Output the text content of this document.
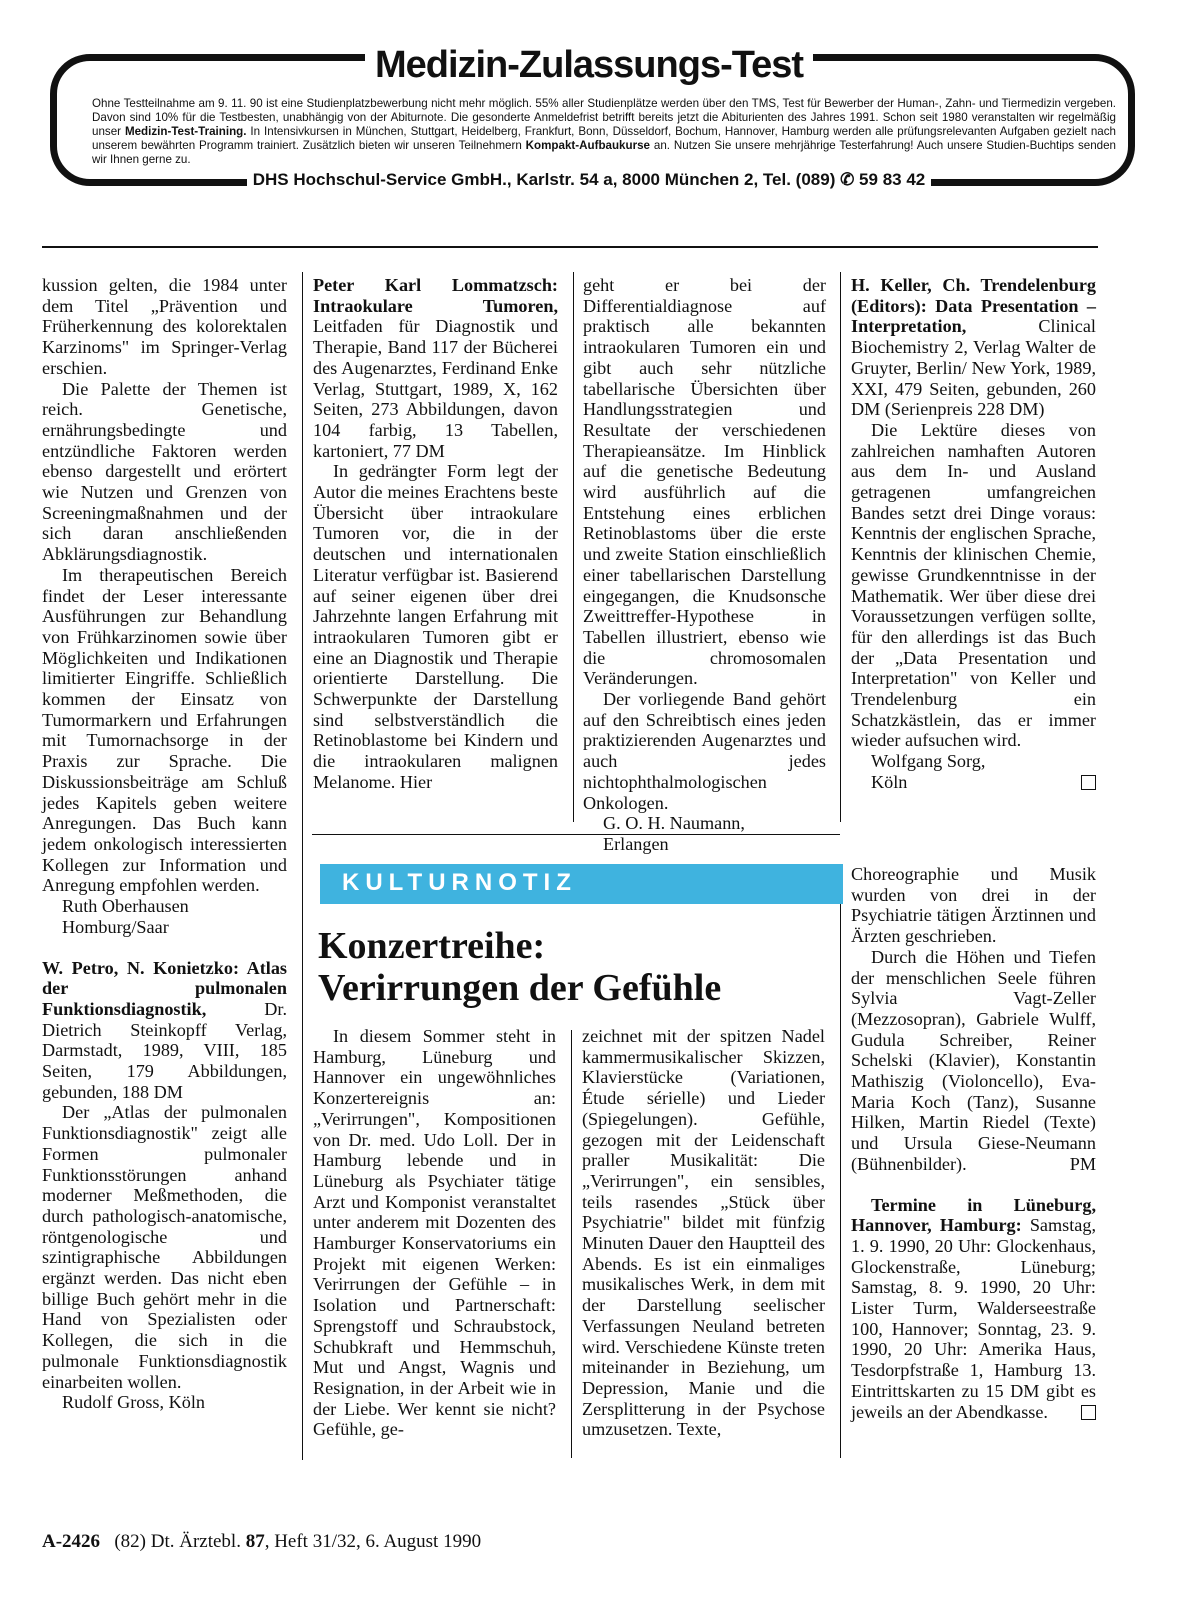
Medizin-Zulassungs-Test
Ohne Testteilnahme am 9. 11. 90 ist eine Studienplatzbewerbung nicht mehr möglich. 55% aller Studienplätze werden über den TMS, Test für Bewerber der Human-, Zahn- und Tiermedizin vergeben. Davon sind 10% für die Testbesten, unabhängig von der Abiturnote. Die gesonderte Anmeldefrist betrifft bereits jetzt die Abiturienten des Jahres 1991. Schon seit 1980 veranstalten wir regelmäßig unser Medizin-Test-Training. In Intensivkursen in München, Stuttgart, Heidelberg, Frankfurt, Bonn, Düsseldorf, Bochum, Hannover, Hamburg werden alle prüfungsrelevanten Aufgaben gezielt nach unserem bewährten Programm trainiert. Zusätzlich bieten wir unseren Teilnehmern Kompakt-Aufbaukurse an. Nutzen Sie unsere mehrjährige Testerfahrung! Auch unsere Studien-Buchtips senden wir Ihnen gerne zu.
DHS Hochschul-Service GmbH., Karlstr. 54 a, 8000 München 2, Tel. (089) ✆ 59 83 42

kussion gelten, die 1984 unter dem Titel „Prävention und Früherkennung des kolorektalen Karzinoms" im Springer-Verlag erschien.

Die Palette der Themen ist reich. Genetische, ernährungsbedingte und entzündliche Faktoren werden ebenso dargestellt und erörtert wie Nutzen und Grenzen von Screeningmaßnahmen und der sich daran anschließenden Abklärungsdiagnostik.

Im therapeutischen Bereich findet der Leser interessante Ausführungen zur Behandlung von Frühkarzinomen sowie über Möglichkeiten und Indikationen limitierter Eingriffe. Schließlich kommen der Einsatz von Tumormarkern und Erfahrungen mit Tumornachsorge in der Praxis zur Sprache. Die Diskussionsbeiträge am Schluß jedes Kapitels geben weitere Anregungen. Das Buch kann jedem onkologisch interessierten Kollegen zur Information und Anregung empfohlen werden.

Ruth Oberhausen

Homburg/Saar

W. Petro, N. Konietzko: Atlas der pulmonalen Funktionsdiagnostik, Dr. Dietrich Steinkopff Verlag, Darmstadt, 1989, VIII, 185 Seiten, 179 Abbildungen, gebunden, 188 DM

Der „Atlas der pulmonalen Funktionsdiagnostik" zeigt alle Formen pulmonaler Funktionsstörungen anhand moderner Meßmethoden, die durch pathologisch-anatomische, röntgenologische und szintigraphische Abbildungen ergänzt werden. Das nicht eben billige Buch gehört mehr in die Hand von Spezialisten oder Kollegen, die sich in die pulmonale Funktionsdiagnostik einarbeiten wollen.

Rudolf Gross, Köln

Peter Karl Lommatzsch: Intraokulare Tumoren, Leitfaden für Diagnostik und Therapie, Band 117 der Bücherei des Augenarztes, Ferdinand Enke Verlag, Stuttgart, 1989, X, 162 Seiten, 273 Abbildungen, davon 104 farbig, 13 Tabellen, kartoniert, 77 DM

In gedrängter Form legt der Autor die meines Erachtens beste Übersicht über intraokulare Tumoren vor, die in der deutschen und internationalen Literatur verfügbar ist. Basierend auf seiner eigenen über drei Jahrzehnte langen Erfahrung mit intraokularen Tumoren gibt er eine an Diagnostik und Therapie orientierte Darstellung. Die Schwerpunkte der Darstellung sind selbstverständlich die Retinoblastome bei Kindern und die intraokularen malignen Melanome. Hier

geht er bei der Differentialdiagnose auf praktisch alle bekannten intraokularen Tumoren ein und gibt auch sehr nützliche tabellarische Übersichten über Handlungsstrategien und Resultate der verschiedenen Therapieansätze. Im Hinblick auf die genetische Bedeutung wird ausführlich auf die Entstehung eines erblichen Retinoblastoms über die erste und zweite Station einschließlich einer tabellarischen Darstellung eingegangen, die Knudsonsche Zweittreffer-Hypothese in Tabellen illustriert, ebenso wie die chromosomalen Veränderungen.

Der vorliegende Band gehört auf den Schreibtisch eines jeden praktizierenden Augenarztes und auch jedes nichtophthalmologischen Onkologen.

G. O. H. Naumann,

Erlangen

H. Keller, Ch. Trendelenburg (Editors): Data Presentation – Interpretation, Clinical Biochemistry 2, Verlag Walter de Gruyter, Berlin/ New York, 1989, XXI, 479 Seiten, gebunden, 260 DM (Serienpreis 228 DM)

Die Lektüre dieses von zahlreichen namhaften Autoren aus dem In- und Ausland getragenen umfangreichen Bandes setzt drei Dinge voraus: Kenntnis der englischen Sprache, Kenntnis der klinischen Chemie, gewisse Grundkenntnisse in der Mathematik. Wer über diese drei Voraussetzungen verfügen sollte, für den allerdings ist das Buch der „Data Presentation und Interpretation" von Keller und Trendelenburg ein Schatzkästlein, das er immer wieder aufsuchen wird.

Wolfgang Sorg,

Köln

KULTURNOTIZ
Konzertreihe:
Verirrungen der Gefühle

In diesem Sommer steht in Hamburg, Lüneburg und Hannover ein ungewöhnliches Konzertereignis an: „Verirrungen", Kompositionen von Dr. med. Udo Loll. Der in Hamburg lebende und in Lüneburg als Psychiater tätige Arzt und Komponist veranstaltet unter anderem mit Dozenten des Hamburger Konservatoriums ein Projekt mit eigenen Werken: Verirrungen der Gefühle – in Isolation und Partnerschaft: Sprengstoff und Schraubstock, Schubkraft und Hemmschuh, Mut und Angst, Wagnis und Resignation, in der Arbeit wie in der Liebe. Wer kennt sie nicht? Gefühle, ge-

zeichnet mit der spitzen Nadel kammermusikalischer Skizzen, Klavierstücke (Variationen, Étude sérielle) und Lieder (Spiegelungen). Gefühle, gezogen mit der Leidenschaft praller Musikalität: Die „Verirrungen", ein sensibles, teils rasendes „Stück über Psychiatrie" bildet mit fünfzig Minuten Dauer den Hauptteil des Abends. Es ist ein einmaliges musikalisches Werk, in dem mit der Darstellung seelischer Verfassungen Neuland betreten wird. Verschiedene Künste treten miteinander in Beziehung, um Depression, Manie und die Zersplitterung in der Psychose umzusetzen. Texte,

Choreographie und Musik wurden von drei in der Psychiatrie tätigen Ärztinnen und Ärzten geschrieben.

Durch die Höhen und Tiefen der menschlichen Seele führen Sylvia Vagt-Zeller (Mezzosopran), Gabriele Wulff, Gudula Schreiber, Reiner Schelski (Klavier), Konstantin Mathiszig (Violoncello), Eva-Maria Koch (Tanz), Susanne Hilken, Martin Riedel (Texte) und Ursula Giese-Neumann (Bühnenbilder).	PM

Termine in Lüneburg, Hannover, Hamburg: Samstag, 1. 9. 1990, 20 Uhr: Glockenhaus, Glockenstraße, Lüneburg; Samstag, 8. 9. 1990, 20 Uhr: Lister Turm, Walderseestraße 100, Hannover; Sonntag, 23. 9. 1990, 20 Uhr: Amerika Haus, Tesdorpfstraße 1, Hamburg 13. Eintrittskarten zu 15 DM gibt es jeweils an der Abendkasse.

A-2426 (82) Dt. Ärztebl. 87, Heft 31/32, 6. August 1990
